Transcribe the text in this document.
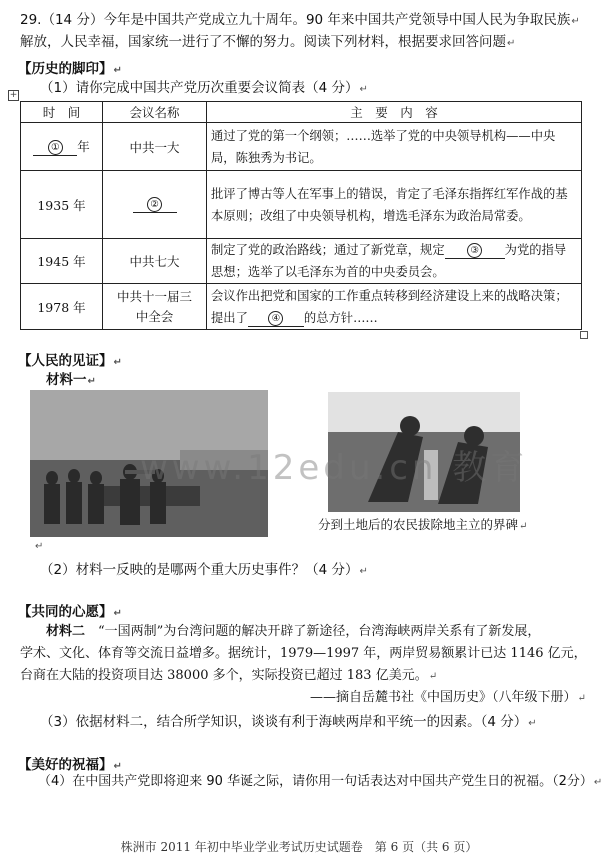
29.（14 分）今年是中国共产党成立九十周年。90 年来中国共产党领导中国人民为争取民族↵
解放，人民幸福，国家统一进行了不懈的努力。阅读下列材料，根据要求回答问题↵
【历史的脚印】↵
（1）请你完成中国共产党历次重要会议简表（4 分）↵
+
时　间	会议名称	主　要　内　容
① 年	中共一大	通过了党的第一个纲领；……选举了党的中央领导机构——中央局，陈独秀为书记。

1935 年	②	批评了博古等人在军事上的错误，肯定了毛泽东指挥红军作战的基本原则；改组了中央领导机构，增选毛泽东为政治局常委。

1945 年	中共七大	制定了党的政治路线；通过了新党章，规定 ③ 为党的指导思想；选举了以毛泽东为首的中央委员会。

1978 年	中共十一届三中全会	会议作出把党和国家的工作重点转移到经济建设上来的战略决策；提出了 ④ 的总方针……
【人民的见证】↵
材料一↵
www.12edu.cn 教育
分到土地后的农民拔除地主立的界碑↵
↵
（2）材料一反映的是哪两个重大历史事件？（4 分）↵
【共同的心愿】↵
材料二　 “一国两制”为台湾问题的解决开辟了新途径，台湾海峡两岸关系有了新发展，
学术、文化、体育等交流日益增多。据统计，1979—1997 年，两岸贸易额累计已达 1146 亿元，
台商在大陆的投资项目达 38000 多个，实际投资已超过 183 亿美元。↵
——摘自岳麓书社《中国历史》（八年级下册）↵
（3）依据材料二，结合所学知识，谈谈有利于海峡两岸和平统一的因素。（4 分）↵
【美好的祝福】↵
（4）在中国共产党即将迎来 90 华诞之际，请你用一句话表达对中国共产党生日的祝福。（2分）↵
株洲市 2011 年初中毕业学业考试历史试题卷　第 6 页（共 6 页）
